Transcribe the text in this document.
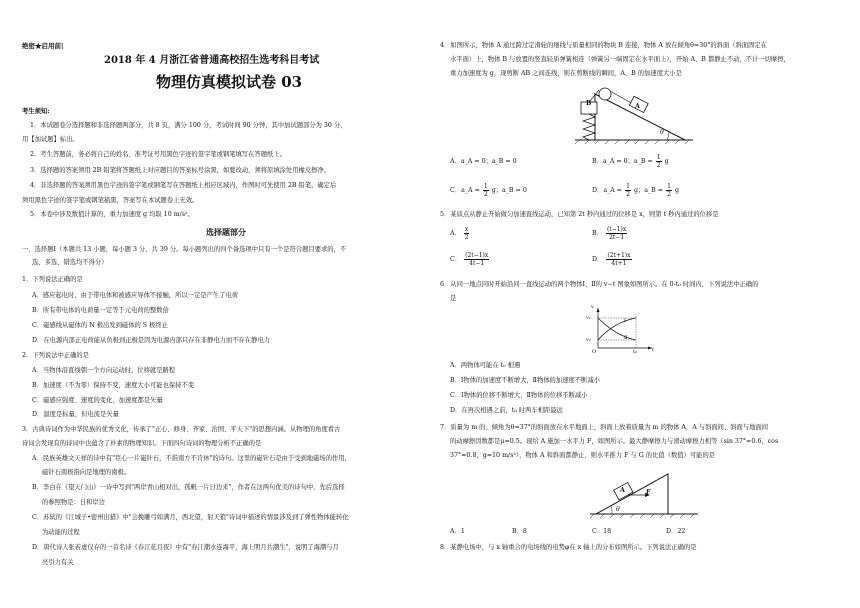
绝密★启用前|
2018 年 4 月浙江省普通高校招生选考科目考试
物理仿真模拟试卷 03
考生须知:
1．本试题卷分选择题和非选择题两部分，共 8 页，满分 100 分，考试时间 90 分钟，其中加试题部分为 30 分，
用【加试题】标出。
2．考生答题前，务必将自己的姓名、准考证号用黑色字迹的签字笔或钢笔填写在答题纸上。
3．选择题的答案须用 2B 铅笔将答题纸上对应题目的答案标号涂黑，如要改动，须将原填涂处用橡皮擦净。
4．非选择题的答案须用黑色字迹的签字笔或钢笔写在答题纸上相应区域内，作图时可先使用 2B 铅笔，确定后
须用黑色字迹的签字笔或钢笔描黑，答案写在本试题卷上无效。
5．本卷中涉及数值计算的，重力加速度 g 均取 10 m/s²。
选择题部分
一、选择题Ⅰ（本题共 13 小题，每小题 3 分，共 39 分。每小题列出的四个备选项中只有一个是符合题目要求的，不
选、多选、错选均不得分）
1．下列说法正确的是
A．感应起电时，由于带电体和被感应导体不接触，所以一定是产生了电荷
B．所有带电体的电荷量一定等于元电荷的整数倍
C．磁感线从磁体的 N 极出发到磁体的 S 极终止
D．在电源内部正电荷能从负极到正极是因为电源内部只存在非静电力而不存在静电力
2．下列说法中正确的是
A．当物体沿直线朝一个方向运动时，位移就是路程
B．加速度（不为零）保持不变，速度大小可能也保持不变
C．磁感应强度、速度的变化、加速度都是矢量
D．温度是标量，但电流是矢量
3．古典诗词作为中华民族的优秀文化，传承了"正心、修身、齐家、治国、平天下"的思想内涵。从物理的角度看古
诗词会发现有的诗词中也蕴含了朴素的物理知识。下面四句诗词的物理分析不正确的是
A．民族英雄文天祥的诗中有"臣心一片磁针石，不指南方不肯休"的诗句。这里的磁针石是由于受到地磁场的作用，
磁针石南极指向是地理的南极。
B．李白在《望天门山》一诗中写到"两岸青山相对出，孤帆一片日边来"，作者在这两句优美的诗句中，先后选择
的参照物是：日和岸边
C．苏轼的《江城子•密州出猎》中"会挽雕弓如满月，西北望，射天狼"诗词中描述的情景涉及到了弹性物体能转化
为动能的过程
D．唐代诗人张若虚仅存的一首名诗《春江花月夜》中有"春江潮水连海平，海上明月共潮生"，说明了海潮与月
亮引力有关
4．如图所示，物体 A 通过跨过定滑轮的细线与质量相同的物块 B 连接，物体 A 放在倾角θ=30°的斜面（斜面固定在
水平面）上，物体 B 与放置的竖直轻质弹簧相连（弹簧另一端固定在水平面上），开始 A、B 都静止不动，不计一切摩擦，
重力加速度为 g，现剪断 AB 之间连线，则在剪断线的瞬间，A、B 的加速度大小是
B	A
θ
A．a_A = 0；a_B = 0	B．a_A = 0；a_B = $\frac{1}{2}$ g
C．a_A = $\frac{1}{2}$ g；a_B = 0	D．a_A = $\frac{1}{2}$ g；a_B = $\frac{1}{2}$ g
5．某质点从静止开始做匀加速直线运动，已知第 2t 秒内通过的位移是 x，则第 t 秒内通过的位移是
A． $\frac{x}{2}$	B． $\frac{(t-1)x}{2t-1}$
C． $\frac{(2t-1)x}{4t-1}$	D． $\frac{(2t+1)x}{4t+1}$
6．从同一地点同时开始沿同一直线运动的两个物体Ⅰ、Ⅱ的 v−t 图象如图所示。在 0-t₀ 时间内，下列说法中正确的
是
v
t
O	t₀
v₁
v₂
Ⅰ
Ⅱ
A．两物体可能在 t₀ 相遇
B．Ⅰ物体的加速度不断增大，Ⅱ物体的加速度不断减小
C．Ⅰ物体的位移不断增大，Ⅱ物体的位移不断减小
D．在再次相遇之前，t₀ 时两车相距最远
7．质量为 m 的、倾角为θ=37°的斜面放在水平地面上，斜面上放着质量为 m 的物体 A，A 与斜面间、斜面与地面间
的动摩擦因数都是μ=0.5。现给 A 施加一水平力 F，如图所示。最大静摩擦力与滑动摩擦力相等（sin 37°=0.6，cos
37°=0.8，g=10 m/s²），物体 A 和斜面都静止，则水平推力 F 与 G 的比值（数值）可能的是
A	F
θ
A．1	B．8	C．18	D．22
8．某静电场中，与 x 轴重合的电场线的电势φ在 x 轴上的分布如图所示。下列说法正确的是
